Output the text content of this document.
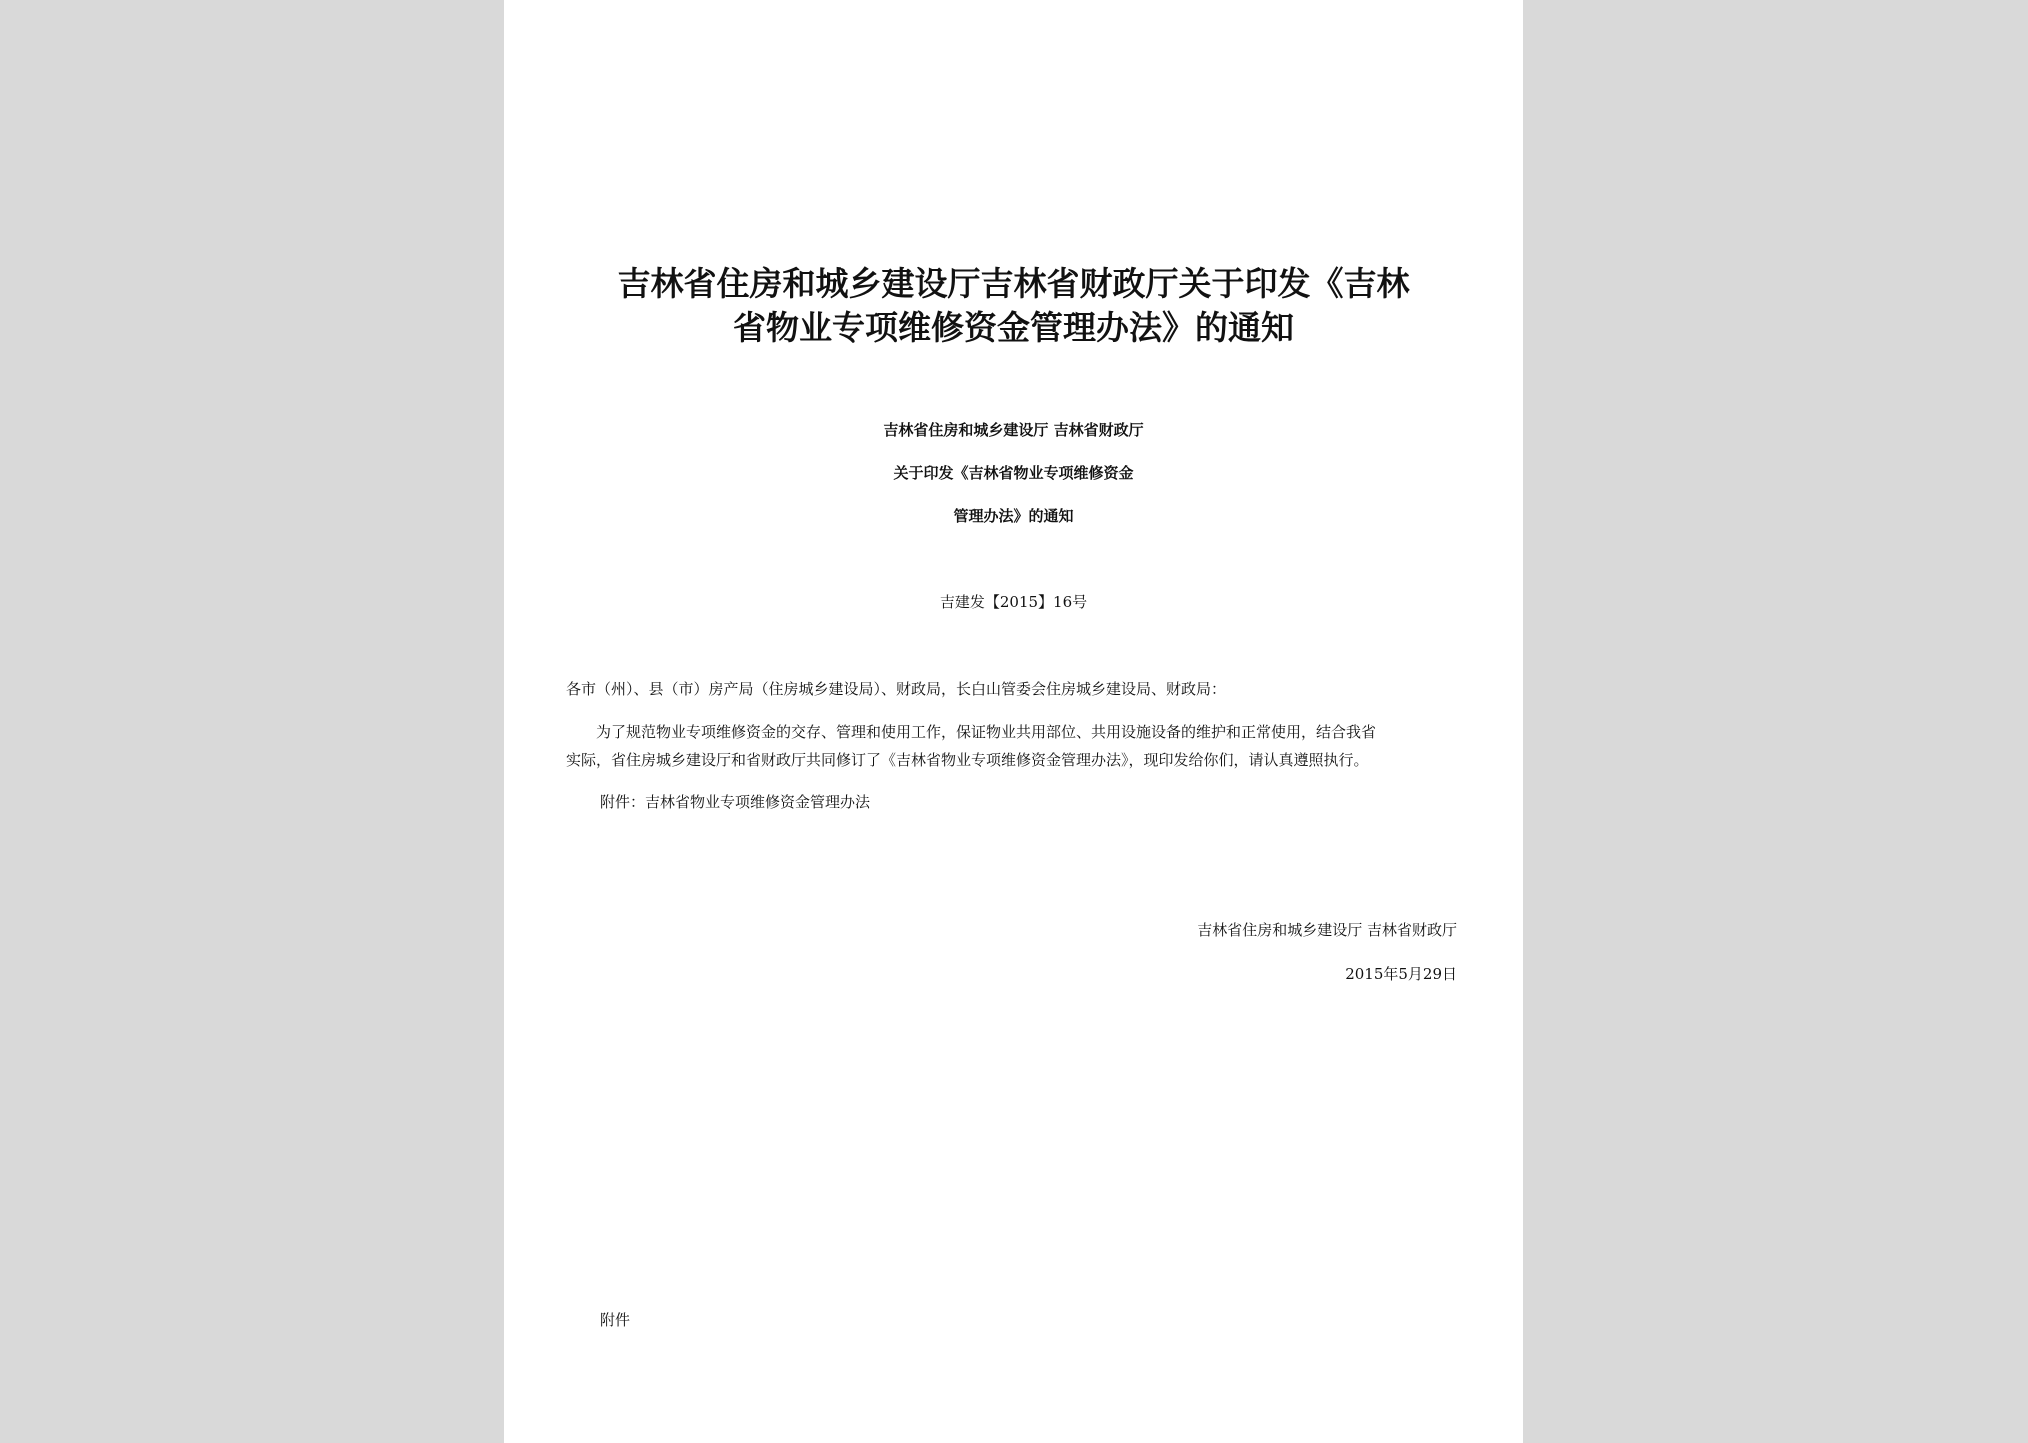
吉林省住房和城乡建设厅吉林省财政厅关于印发《吉林
省物业专项维修资金管理办法》的通知
吉林省住房和城乡建设厅 吉林省财政厅
关于印发《吉林省物业专项维修资金
管理办法》的通知
吉建发【2015】16号
各市（州）、县（市）房产局（住房城乡建设局）、财政局，长白山管委会住房城乡建设局、财政局：
为了规范物业专项维修资金的交存、管理和使用工作，保证物业共用部位、共用设施设备的维护和正常使用，结合我省
实际，省住房城乡建设厅和省财政厅共同修订了《吉林省物业专项维修资金管理办法》，现印发给你们，请认真遵照执行。
附件：吉林省物业专项维修资金管理办法
吉林省住房和城乡建设厅 吉林省财政厅
2015年5月29日
附件
